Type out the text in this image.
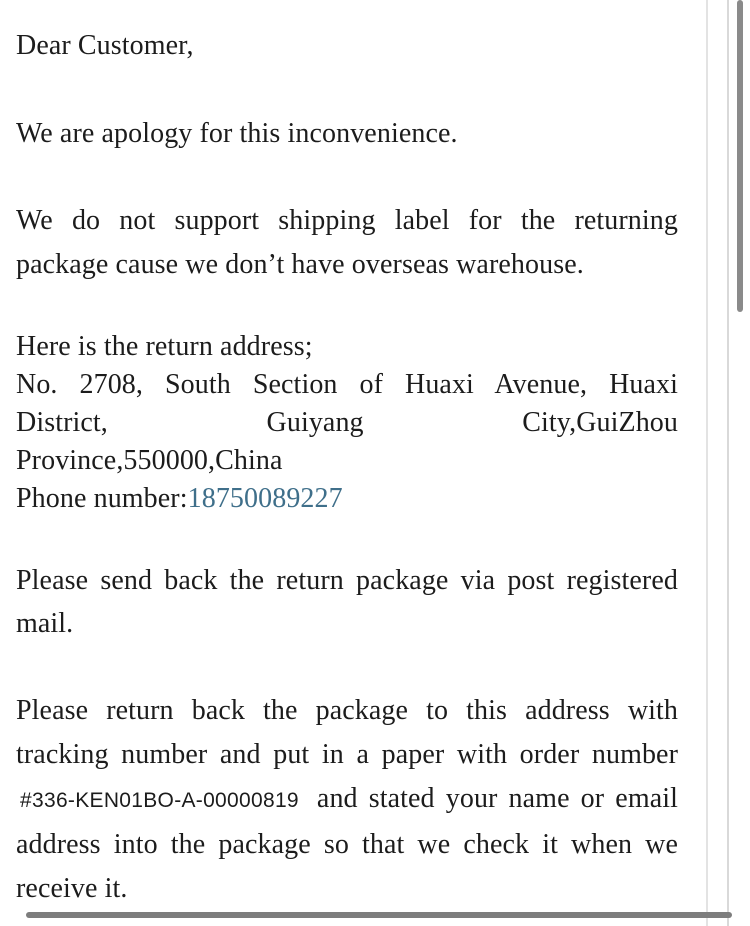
Dear Customer,

We are apology for this inconvenience.

We do not support shipping label for the returning package cause we don’t have overseas warehouse.

Here is the return address;
No. 2708, South Section of Huaxi Avenue, Huaxi
District, Guiyang City,GuiZhou
Province,550000,China
Phone number:18750089227

Please send back the return package via post registered mail.

Please return back the package to this address with tracking number and put in a paper with order number #336-KEN01BO-A-00000819 and stated your name or email address into the package so that we check it when we receive it.
